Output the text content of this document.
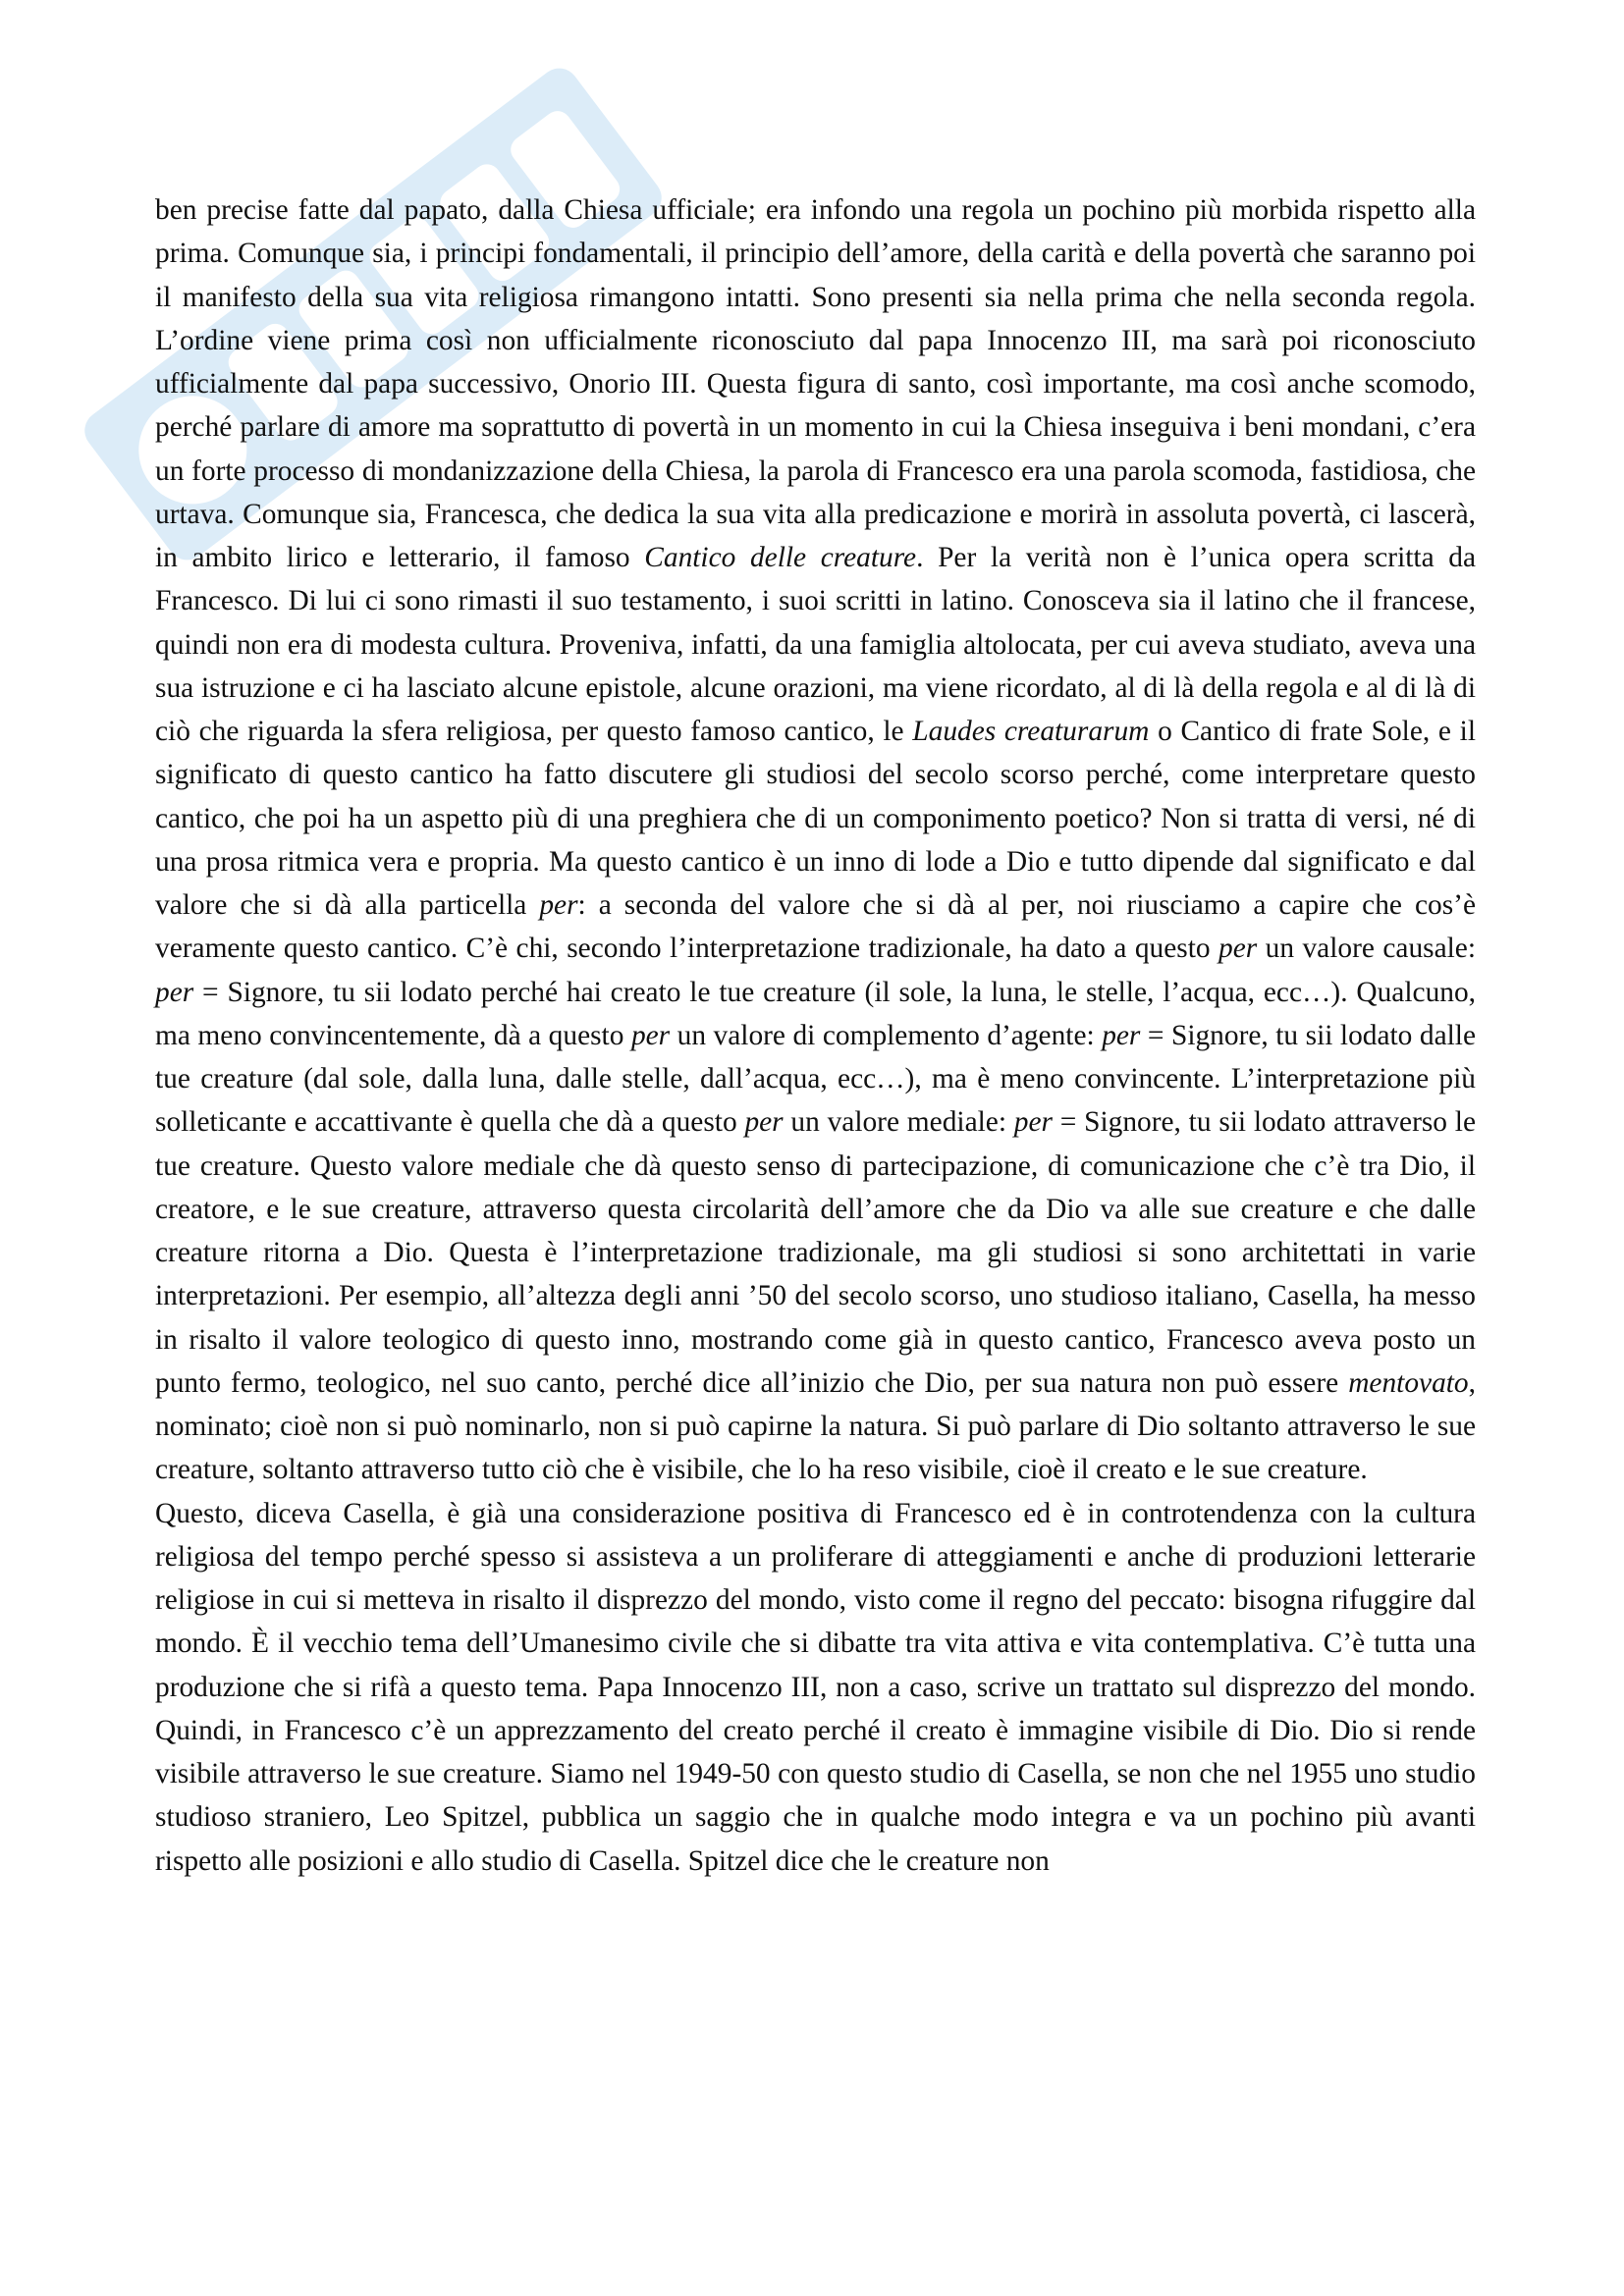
ben precise fatte dal papato, dalla Chiesa ufficiale; era infondo una regola un pochino più morbida rispetto alla prima. Comunque sia, i principi fondamentali, il principio dell’amore, della carità e della povertà che saranno poi il manifesto della sua vita religiosa rimangono intatti. Sono presenti sia nella prima che nella seconda regola. L’ordine viene prima così non ufficialmente riconosciuto dal papa Innocenzo III, ma sarà poi riconosciuto ufficialmente dal papa successivo, Onorio III. Questa figura di santo, così importante, ma così anche scomodo, perché parlare di amore ma soprattutto di povertà in un momento in cui la Chiesa inseguiva i beni mondani, c’era un forte processo di mondanizzazione della Chiesa, la parola di Francesco era una parola scomoda, fastidiosa, che urtava. Comunque sia, Francesca, che dedica la sua vita alla predicazione e morirà in assoluta povertà, ci lascerà, in ambito lirico e letterario, il famoso Cantico delle creature. Per la verità non è l’unica opera scritta da Francesco. Di lui ci sono rimasti il suo testamento, i suoi scritti in latino. Conosceva sia il latino che il francese, quindi non era di modesta cultura. Proveniva, infatti, da una famiglia altolocata, per cui aveva studiato, aveva una sua istruzione e ci ha lasciato alcune epistole, alcune orazioni, ma viene ricordato, al di là della regola e al di là di ciò che riguarda la sfera religiosa, per questo famoso cantico, le Laudes creaturarum o Cantico di frate Sole, e il significato di questo cantico ha fatto discutere gli studiosi del secolo scorso perché, come interpretare questo cantico, che poi ha un aspetto più di una preghiera che di un componimento poetico? Non si tratta di versi, né di una prosa ritmica vera e propria. Ma questo cantico è un inno di lode a Dio e tutto dipende dal significato e dal valore che si dà alla particella per: a seconda del valore che si dà al per, noi riusciamo a capire che cos’è veramente questo cantico. C’è chi, secondo l’interpretazione tradizionale, ha dato a questo per un valore causale: per = Signore, tu sii lodato perché hai creato le tue creature (il sole, la luna, le stelle, l’acqua, ecc…). Qualcuno, ma meno convincentemente, dà a questo per un valore di complemento d’agente: per = Signore, tu sii lodato dalle tue creature (dal sole, dalla luna, dalle stelle, dall’acqua, ecc…), ma è meno convincente. L’interpretazione più solleticante e accattivante è quella che dà a questo per un valore mediale: per = Signore, tu sii lodato attraverso le tue creature. Questo valore mediale che dà questo senso di partecipazione, di comunicazione che c’è tra Dio, il creatore, e le sue creature, attraverso questa circolarità dell’amore che da Dio va alle sue creature e che dalle creature ritorna a Dio. Questa è l’interpretazione tradizionale, ma gli studiosi si sono architettati in varie interpretazioni. Per esempio, all’altezza degli anni ’50 del secolo scorso, uno studioso italiano, Casella, ha messo in risalto il valore teologico di questo inno, mostrando come già in questo cantico, Francesco aveva posto un punto fermo, teologico, nel suo canto, perché dice all’inizio che Dio, per sua natura non può essere mentovato, nominato; cioè non si può nominarlo, non si può capirne la natura. Si può parlare di Dio soltanto attraverso le sue creature, soltanto attraverso tutto ciò che è visibile, che lo ha reso visibile, cioè il creato e le sue creature.

Questo, diceva Casella, è già una considerazione positiva di Francesco ed è in controtendenza con la cultura religiosa del tempo perché spesso si assisteva a un proliferare di atteggiamenti e anche di produzioni letterarie religiose in cui si metteva in risalto il disprezzo del mondo, visto come il regno del peccato: bisogna rifuggire dal mondo. È il vecchio tema dell’Umanesimo civile che si dibatte tra vita attiva e vita contemplativa. C’è tutta una produzione che si rifà a questo tema. Papa Innocenzo III, non a caso, scrive un trattato sul disprezzo del mondo. Quindi, in Francesco c’è un apprezzamento del creato perché il creato è immagine visibile di Dio. Dio si rende visibile attraverso le sue creature. Siamo nel 1949-50 con questo studio di Casella, se non che nel 1955 uno studio studioso straniero, Leo Spitzel, pubblica un saggio che in qualche modo integra e va un pochino più avanti rispetto alle posizioni e allo studio di Casella. Spitzel dice che le creature non
